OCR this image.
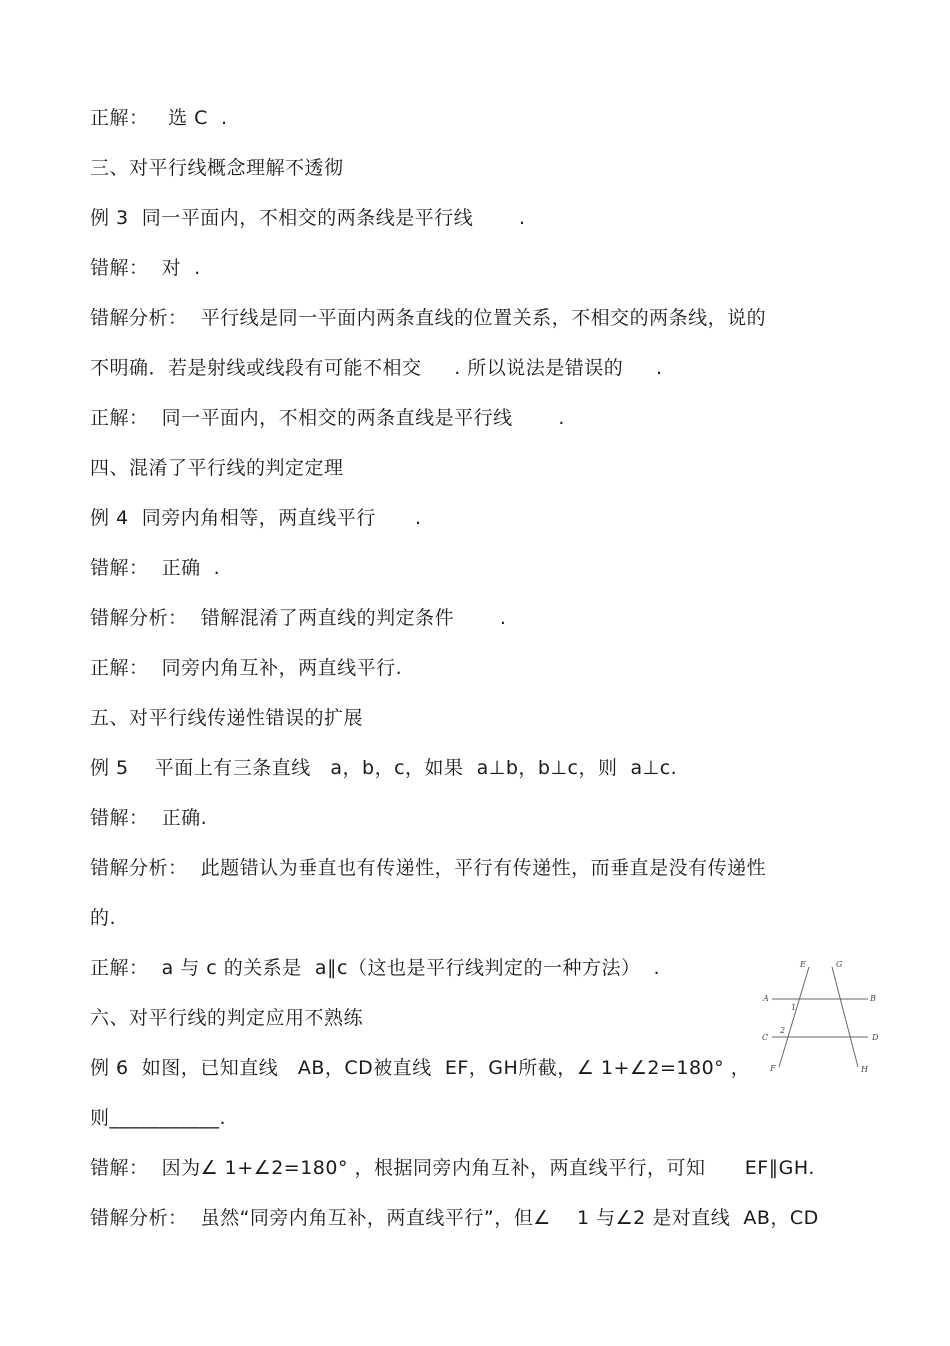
正解：   选 C  .
三、对平行线概念理解不透彻
例 3  同一平面内，不相交的两条线是平行线       .
错解：  对  .
错解分析：  平行线是同一平面内两条直线的位置关系，不相交的两条线，说的
不明确．若是射线或线段有可能不相交     . 所以说法是错误的     .
正解：  同一平面内，不相交的两条直线是平行线       .
四、混淆了平行线的判定定理
例 4  同旁内角相等，两直线平行      .
错解：  正确  .
错解分析：  错解混淆了两直线的判定条件       .
正解：  同旁内角互补，两直线平行.
五、对平行线传递性错误的扩展
例 5    平面上有三条直线   a，b，c，如果  a⊥b，b⊥c，则  a⊥c.
错解：  正确.
错解分析：  此题错认为垂直也有传递性，平行有传递性，而垂直是没有传递性
的.
正解：  a 与 c 的关系是  a∥c（这也是平行线判定的一种方法）  .
六、对平行线的判定应用不熟练
例 6  如图，已知直线   AB，CD被直线  EF，GH所截，∠ 1+∠2=180° ，
则___________.
错解：  因为∠ 1+∠2=180° ，根据同旁内角互补，两直线平行，可知      EF∥GH.
错解分析：  虽然“同旁内角互补，两直线平行”，但∠    1 与∠2 是对直线  AB，CD
E	G
A	B
C	D
F	H
1
2
